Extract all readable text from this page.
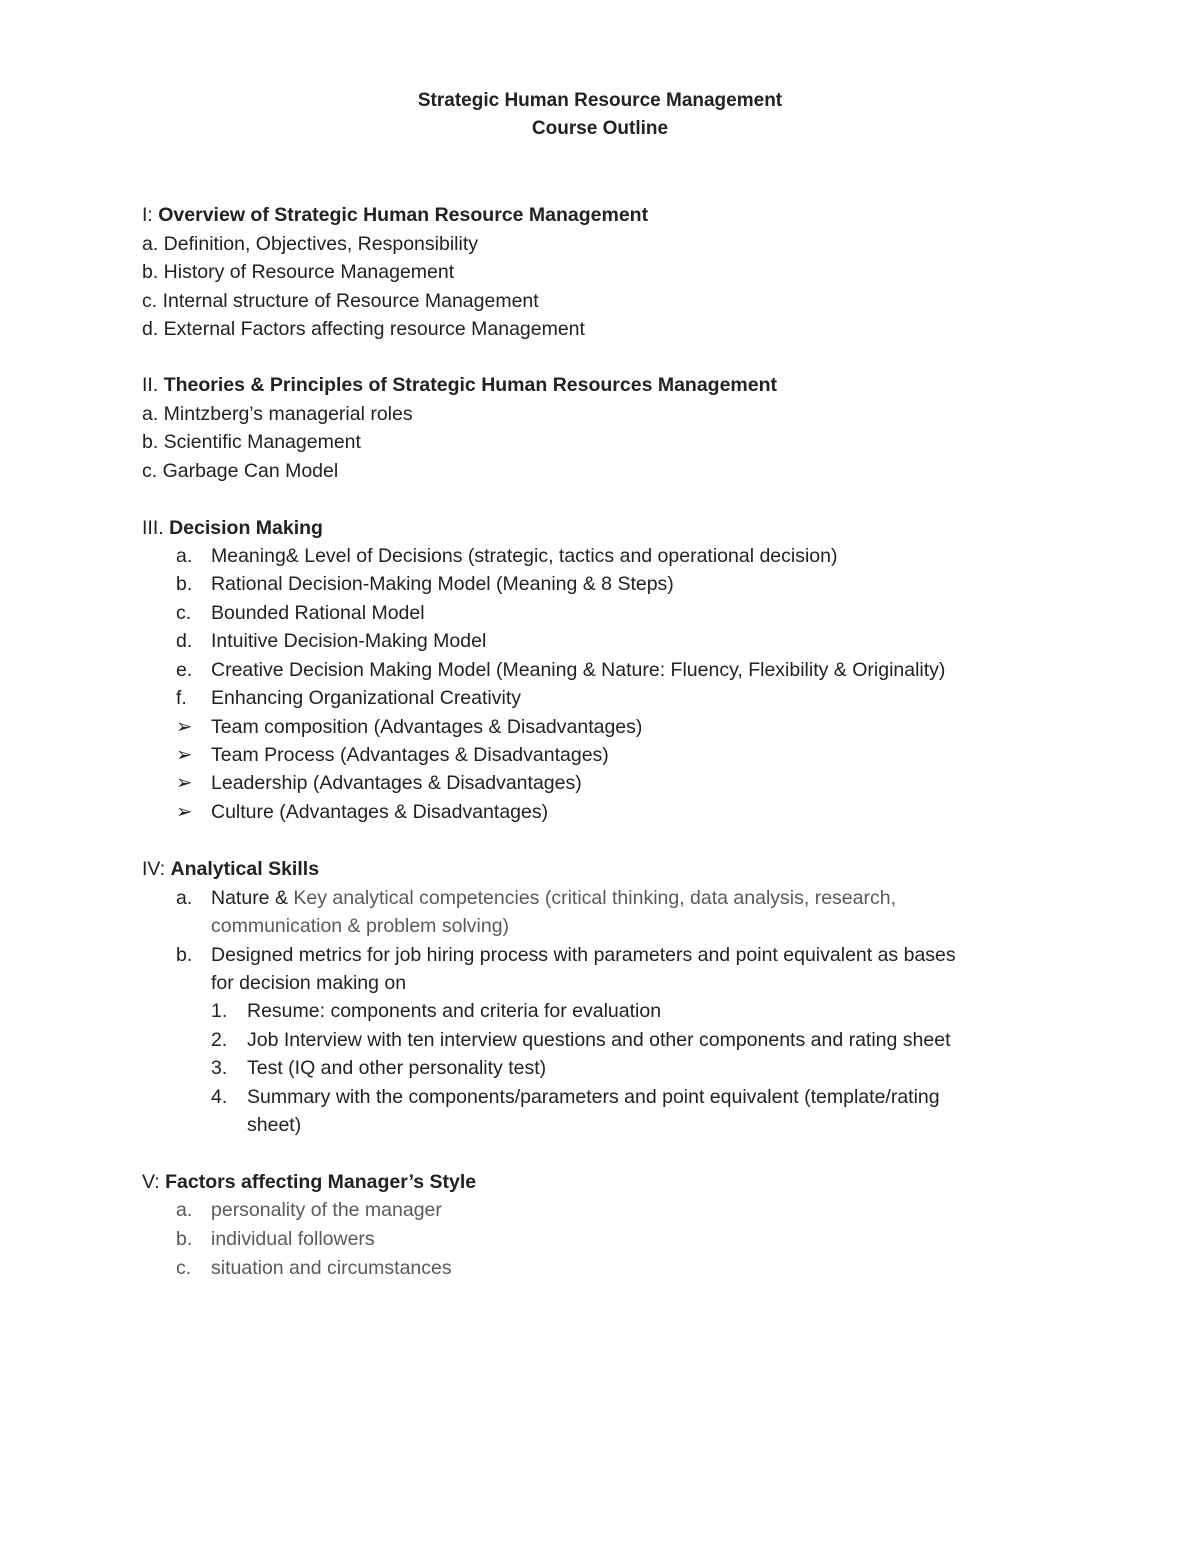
Strategic Human Resource Management
Course Outline
I: Overview of Strategic Human Resource Management
a. Definition, Objectives, Responsibility
b. History of Resource Management
c. Internal structure of Resource Management
d. External Factors affecting resource Management
II. Theories & Principles of Strategic Human Resources Management
a. Mintzberg’s managerial roles
b. Scientific Management
c. Garbage Can Model
III. Decision Making
a. Meaning& Level of Decisions (strategic, tactics and operational decision)
b. Rational Decision-Making Model (Meaning & 8 Steps)
c. Bounded Rational Model
d. Intuitive Decision-Making Model
e. Creative Decision Making Model (Meaning & Nature: Fluency, Flexibility & Originality)
f. Enhancing Organizational Creativity
➢ Team composition (Advantages & Disadvantages)
➢ Team Process (Advantages & Disadvantages)
➢ Leadership (Advantages & Disadvantages)
➢ Culture (Advantages & Disadvantages)
IV: Analytical Skills
a. Nature & Key analytical competencies (critical thinking, data analysis, research,
communication & problem solving)
b. Designed metrics for job hiring process with parameters and point equivalent as bases
for decision making on
1. Resume: components and criteria for evaluation
2. Job Interview with ten interview questions and other components and rating sheet
3. Test (IQ and other personality test)
4. Summary with the components/parameters and point equivalent (template/rating
sheet)
V: Factors affecting Manager’s Style
a. personality of the manager
b. individual followers
c. situation and circumstances
